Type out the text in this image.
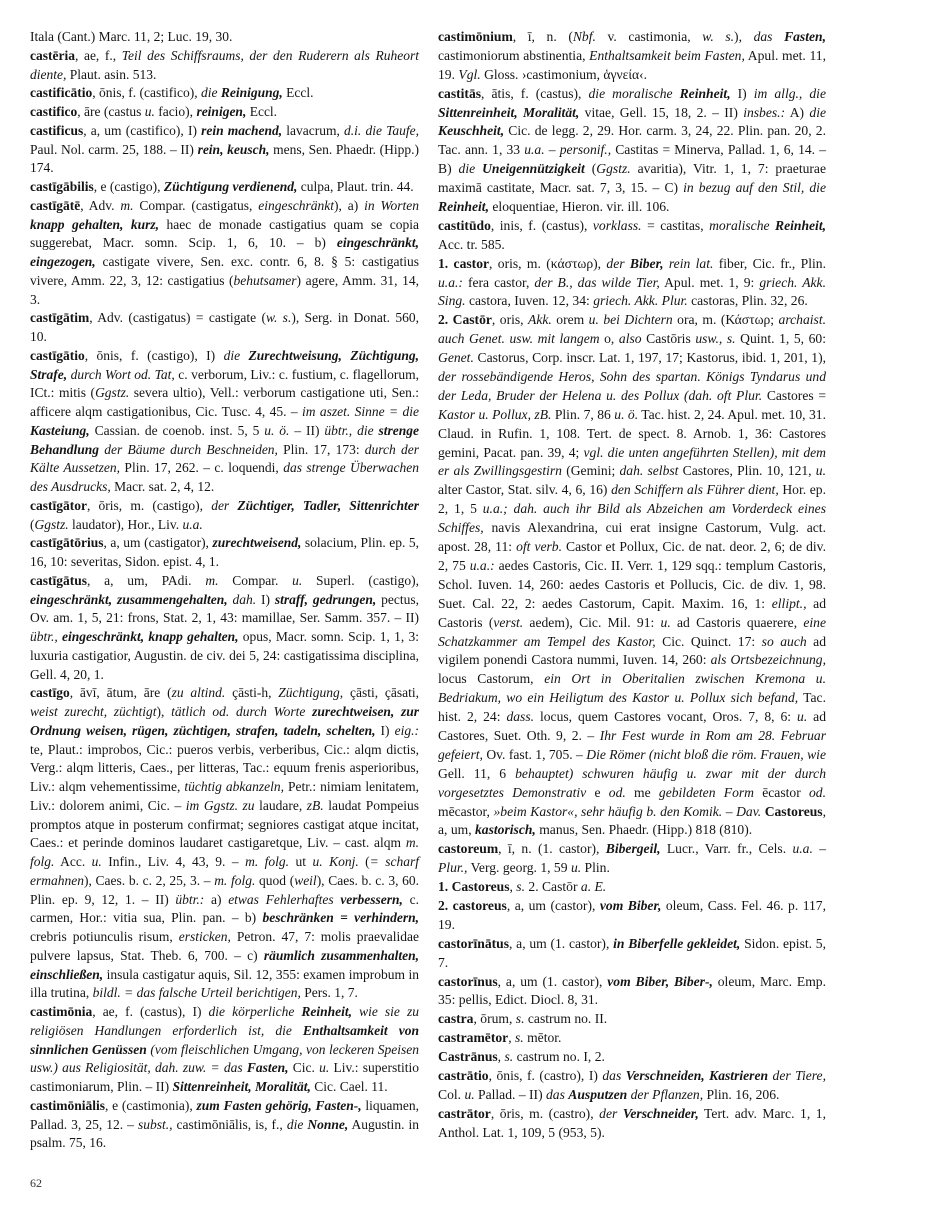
Itala (Cant.) Marc. 11, 2; Luc. 19, 30.

castēria, ae, f., Teil des Schiffsraums, der den Ruderern als Ruheort diente, Plaut. asin. 513.

castificātio, ōnis, f. (castifico), die Reinigung, Eccl.

castifico, āre (castus u. facio), reinigen, Eccl.

castificus, a, um (castifico), I) rein machend, lavacrum, d.i. die Taufe, Paul. Nol. carm. 25, 188. – II) rein, keusch, mens, Sen. Phaedr. (Hipp.) 174.

castīgābilis, e (castigo), Züchtigung verdienend, culpa, Plaut. trin. 44.

castīgātē, Adv. m. Compar. (castigatus, eingeschränkt), a) in Worten knapp gehalten, kurz, haec de monade castigatius quam se copia suggerebat, Macr. somn. Scip. 1, 6, 10. – b) eingeschränkt, eingezogen, castigate vivere, Sen. exc. contr. 6, 8. § 5: castigatius vivere, Amm. 22, 3, 12: castigatius (behutsamer) agere, Amm. 31, 14, 3.

castīgātim, Adv. (castigatus) = castigate (w. s.), Serg. in Donat. 560, 10.

castīgātio, ōnis, f. (castigo), I) die Zurechtweisung, Züchtigung, Strafe, durch Wort od. Tat, c. verborum, Liv.: c. fustium, c. flagellorum, ICt.: mitis (Ggstz. severa ultio), Vell.: verborum castigatione uti, Sen.: afficere alqm castigationibus, Cic. Tusc. 4, 45. – im aszet. Sinne = die Kasteiung, Cassian. de coenob. inst. 5, 5 u. ö. – II) übtr., die strenge Behandlung der Bäume durch Beschneiden, Plin. 17, 173: durch der Kälte Aussetzen, Plin. 17, 262. – c. loquendi, das strenge Überwachen des Ausdrucks, Macr. sat. 2, 4, 12.

castīgātor, ōris, m. (castigo), der Züchtiger, Tadler, Sittenrichter (Ggstz. laudator), Hor., Liv. u.a.

castīgātōrius, a, um (castigator), zurechtweisend, solacium, Plin. ep. 5, 16, 10: severitas, Sidon. epist. 4, 1.

castīgātus, a, um, PAdi. m. Compar. u. Superl. (castigo), eingeschränkt, zusammengehalten, dah. I) straff, gedrungen, pectus, Ov. am. 1, 5, 21: frons, Stat. 2, 1, 43: mamillae, Ser. Samm. 357. – II) übtr., eingeschränkt, knapp gehalten, opus, Macr. somn. Scip. 1, 1, 3: luxuria castigatior, Augustin. de civ. dei 5, 24: castigatissima disciplina, Gell. 4, 20, 1.

castīgo, āvī, ātum, āre (zu altind. çāsti-h, Züchtigung, çāsti, çāsati, weist zurecht, züchtigt), tätlich od. durch Worte zurechtweisen, zur Ordnung weisen, rügen, züchtigen, strafen, tadeln, schelten, I) eig.: te, Plaut.: improbos, Cic.: pueros verbis, verberibus, Cic.: alqm dictis, Verg.: alqm litteris, Caes., per litteras, Tac.: equum frenis asperioribus, Liv.: alqm vehementissime, tüchtig abkanzeln, Petr.: nimiam lenitatem, Liv.: dolorem animi, Cic. – im Ggstz. zu laudare, zB. laudat Pompeius promptos atque in posterum confirmat; segniores castigat atque incitat, Caes.: et perinde dominos laudaret castigaretque, Liv. – cast. alqm m. folg. Acc. u. Infin., Liv. 4, 43, 9. – m. folg. ut u. Konj. (= scharf ermahnen), Caes. b. c. 2, 25, 3. – m. folg. quod (weil), Caes. b. c. 3, 60. Plin. ep. 9, 12, 1. – II) übtr.: a) etwas Fehlerhaftes verbessern, c. carmen, Hor.: vitia sua, Plin. pan. – b) beschränken = verhindern, crebris potiunculis risum, ersticken, Petron. 47, 7: molis praevalidae pulvere lapsus, Stat. Theb. 6, 700. – c) räumlich zusammenhalten, einschließen, insula castigatur aquis, Sil. 12, 355: examen improbum in illa trutina, bildl. = das falsche Urteil berichtigen, Pers. 1, 7.

castimōnia, ae, f. (castus), I) die körperliche Reinheit, wie sie zu religiösen Handlungen erforderlich ist, die Enthaltsamkeit von sinnlichen Genüssen (vom fleischlichen Umgang, von leckeren Speisen usw.) aus Religiosität, dah. zuw. = das Fasten, Cic. u. Liv.: superstitio castimoniarum, Plin. – II) Sittenreinheit, Moralität, Cic. Cael. 11.

castimōniālis, e (castimonia), zum Fasten gehörig, Fasten-, liquamen, Pallad. 3, 25, 12. – subst., castimōniālis, is, f., die Nonne, Augustin. in psalm. 75, 16.

castimōnium, ī, n. (Nbf. v. castimonia, w. s.), das Fasten, castimoniorum abstinentia, Enthaltsamkeit beim Fasten, Apul. met. 11, 19. Vgl. Gloss. ›castimonium, ἁγνεία‹.

castitās, ātis, f. (castus), die moralische Reinheit, I) im allg., die Sittenreinheit, Moralität, vitae, Gell. 15, 18, 2. – II) insbes.: A) die Keuschheit, Cic. de legg. 2, 29. Hor. carm. 3, 24, 22. Plin. pan. 20, 2. Tac. ann. 1, 33 u.a. – personif., Castitas = Minerva, Pallad. 1, 6, 14. – B) die Uneigennützigkeit (Ggstz. avaritia), Vitr. 1, 1, 7: praeturae maximā castitate, Macr. sat. 7, 3, 15. – C) in bezug auf den Stil, die Reinheit, eloquentiae, Hieron. vir. ill. 106.

castitūdo, inis, f. (castus), vorklass. = castitas, moralische Reinheit, Acc. tr. 585.

1. castor, oris, m. (κάστωρ), der Biber, rein lat. fiber, Cic. fr., Plin. u.a.: fera castor, der B., das wilde Tier, Apul. met. 1, 9: griech. Akk. Sing. castora, Iuven. 12, 34: griech. Akk. Plur. castoras, Plin. 32, 26.

2. Castōr, oris, Akk. orem u. bei Dichtern ora, m. (Κάστωρ; archaist. auch Genet. usw. mit langem o, also Castōris usw., s. Quint. 1, 5, 60: Genet. Castorus, Corp. inscr. Lat. 1, 197, 17; Kastorus, ibid. 1, 201, 1), der rossebändigende Heros, Sohn des spartan. Königs Tyndarus und der Leda, Bruder der Helena u. des Pollux (dah. oft Plur. Castores = Kastor u. Pollux, zB. Plin. 7, 86 u. ö. Tac. hist. 2, 24. Apul. met. 10, 31. Claud. in Rufin. 1, 108. Tert. de spect. 8. Arnob. 1, 36: Castores gemini, Pacat. pan. 39, 4; vgl. die unten angeführten Stellen), mit dem er als Zwillingsgestirn (Gemini; dah. selbst Castores, Plin. 10, 121, u. alter Castor, Stat. silv. 4, 6, 16) den Schiffern als Führer dient, Hor. ep. 2, 1, 5 u.a.; dah. auch ihr Bild als Abzeichen am Vorderdeck eines Schiffes, navis Alexandrina, cui erat insigne Castorum, Vulg. act. apost. 28, 11: oft verb. Castor et Pollux, Cic. de nat. deor. 2, 6; de div. 2, 75 u.a.: aedes Castoris, Cic. II. Verr. 1, 129 sqq.: templum Castoris, Schol. Iuven. 14, 260: aedes Castoris et Pollucis, Cic. de div. 1, 98. Suet. Cal. 22, 2: aedes Castorum, Capit. Maxim. 16, 1: ellipt., ad Castoris (verst. aedem), Cic. Mil. 91: u. ad Castoris quaerere, eine Schatzkammer am Tempel des Kastor, Cic. Quinct. 17: so auch ad vigilem ponendi Castora nummi, Iuven. 14, 260: als Ortsbezeichnung, locus Castorum, ein Ort in Oberitalien zwischen Kremona u. Bedriakum, wo ein Heiligtum des Kastor u. Pollux sich befand, Tac. hist. 2, 24: dass. locus, quem Castores vocant, Oros. 7, 8, 6: u. ad Castores, Suet. Oth. 9, 2. – Ihr Fest wurde in Rom am 28. Februar gefeiert, Ov. fast. 1, 705. – Die Römer (nicht bloß die röm. Frauen, wie Gell. 11, 6 behauptet) schwuren häufig u. zwar mit der durch vorgesetztes Demonstrativ e od. me gebildeten Form ēcastor od. mēcastor, »beim Kastor«, sehr häufig b. den Komik. – Dav. Castoreus, a, um, kastorisch, manus, Sen. Phaedr. (Hipp.) 818 (810).

castoreum, ī, n. (1. castor), Bibergeil, Lucr., Varr. fr., Cels. u.a. – Plur., Verg. georg. 1, 59 u. Plin.

1. Castoreus, s. 2. Castōr a. E.

2. castoreus, a, um (castor), vom Biber, oleum, Cass. Fel. 46. p. 117, 19.

castorīnātus, a, um (1. castor), in Biberfelle gekleidet, Sidon. epist. 5, 7.

castorīnus, a, um (1. castor), vom Biber, Biber-, oleum, Marc. Emp. 35: pellis, Edict. Diocl. 8, 31.

castra, ōrum, s. castrum no. II.

castramētor, s. mētor.

Castrānus, s. castrum no. I, 2.

castrātio, ōnis, f. (castro), I) das Verschneiden, Kastrieren der Tiere, Col. u. Pallad. – II) das Ausputzen der Pflanzen, Plin. 16, 206.

castrātor, ōris, m. (castro), der Verschneider, Tert. adv. Marc. 1, 1, Anthol. Lat. 1, 109, 5 (953, 5).

62
